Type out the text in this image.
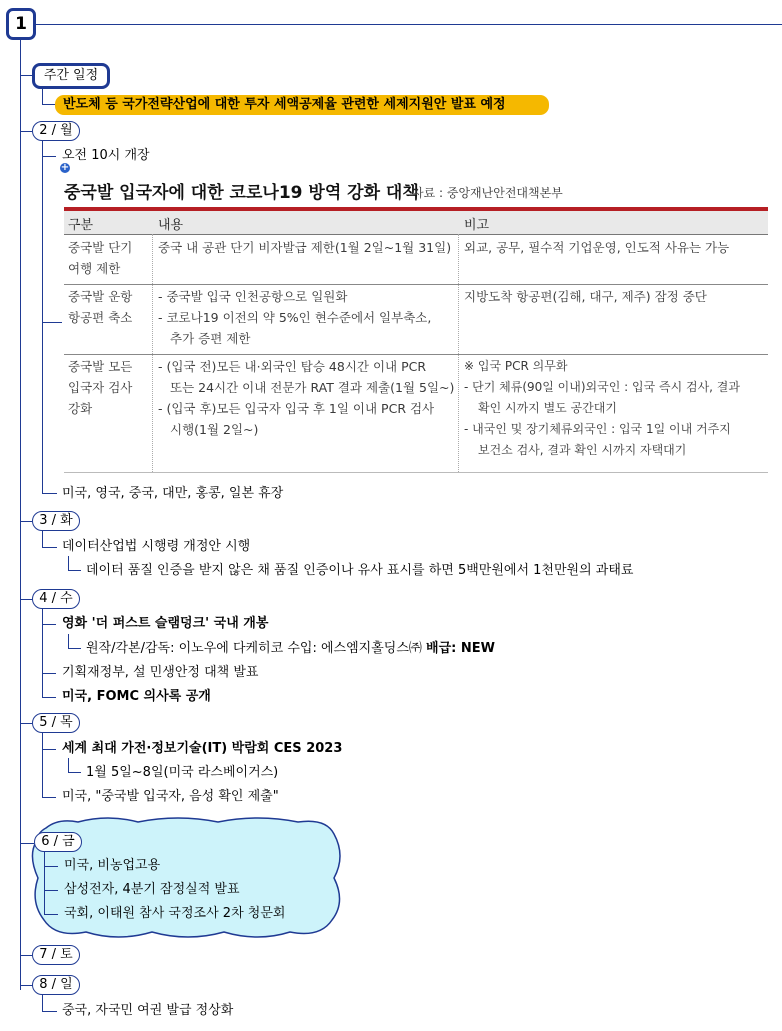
1
주간 일정
반도체 등 국가전략산업에 대한 투자 세액공제율 관련한 세제지원안 발표 예정
2 / 월
오전 10시 개장
+
중국발 입국자에 대한 코로나19 방역 강화 대책
자료 : 중앙재난안전대책본부
구분	내용	비고
중국발 단기
여행 제한
중국 내 공관 단기 비자발급 제한(1월 2일~1월 31일) 외교, 공무, 필수적 기업운영, 인도적 사유는 가능
중국발 운항
항공편 축소
- 중국발 입국 인천공항으로 일원화
- 코로나19 이전의 약 5%인 현수준에서 일부축소,
추가 증편 제한
지방도착 항공편(김해, 대구, 제주) 잠정 중단
중국발 모든
입국자 검사
강화
- (입국 전)모든 내·외국인 탑승 48시간 이내 PCR
또는 24시간 이내 전문가 RAT 결과 제출(1월 5일~)
- (입국 후)모든 입국자 입국 후 1일 이내 PCR 검사
시행(1월 2일~)
※ 입국 PCR 의무화
- 단기 체류(90일 이내)외국인 : 입국 즉시 검사, 결과
확인 시까지 별도 공간대기
- 내국인 및 장기체류외국인 : 입국 1일 이내 거주지
보건소 검사, 결과 확인 시까지 자택대기
미국, 영국, 중국, 대만, 홍콩, 일본 휴장
3 / 화
데이터산업법 시행령 개정안 시행
데이터 품질 인증을 받지 않은 채 품질 인증이나 유사 표시를 하면 5백만원에서 1천만원의 과태료
4 / 수
영화 '더 퍼스트 슬램덩크' 국내 개봉
원작/각본/감독: 이노우에 다케히코 수입: 에스엠지홀딩스㈜ 배급: NEW
기획재정부, 설 민생안정 대책 발표
미국, FOMC 의사록 공개
5 / 목
세계 최대 가전·정보기술(IT) 박람회 CES 2023
1월 5일~8일(미국 라스베이거스)
미국, "중국발 입국자, 음성 확인 제출"
6 / 금
미국, 비농업고용
삼성전자, 4분기 잠정실적 발표
국회, 이태원 참사 국정조사 2차 청문회
7 / 토
8 / 일
중국, 자국민 여권 발급 정상화
